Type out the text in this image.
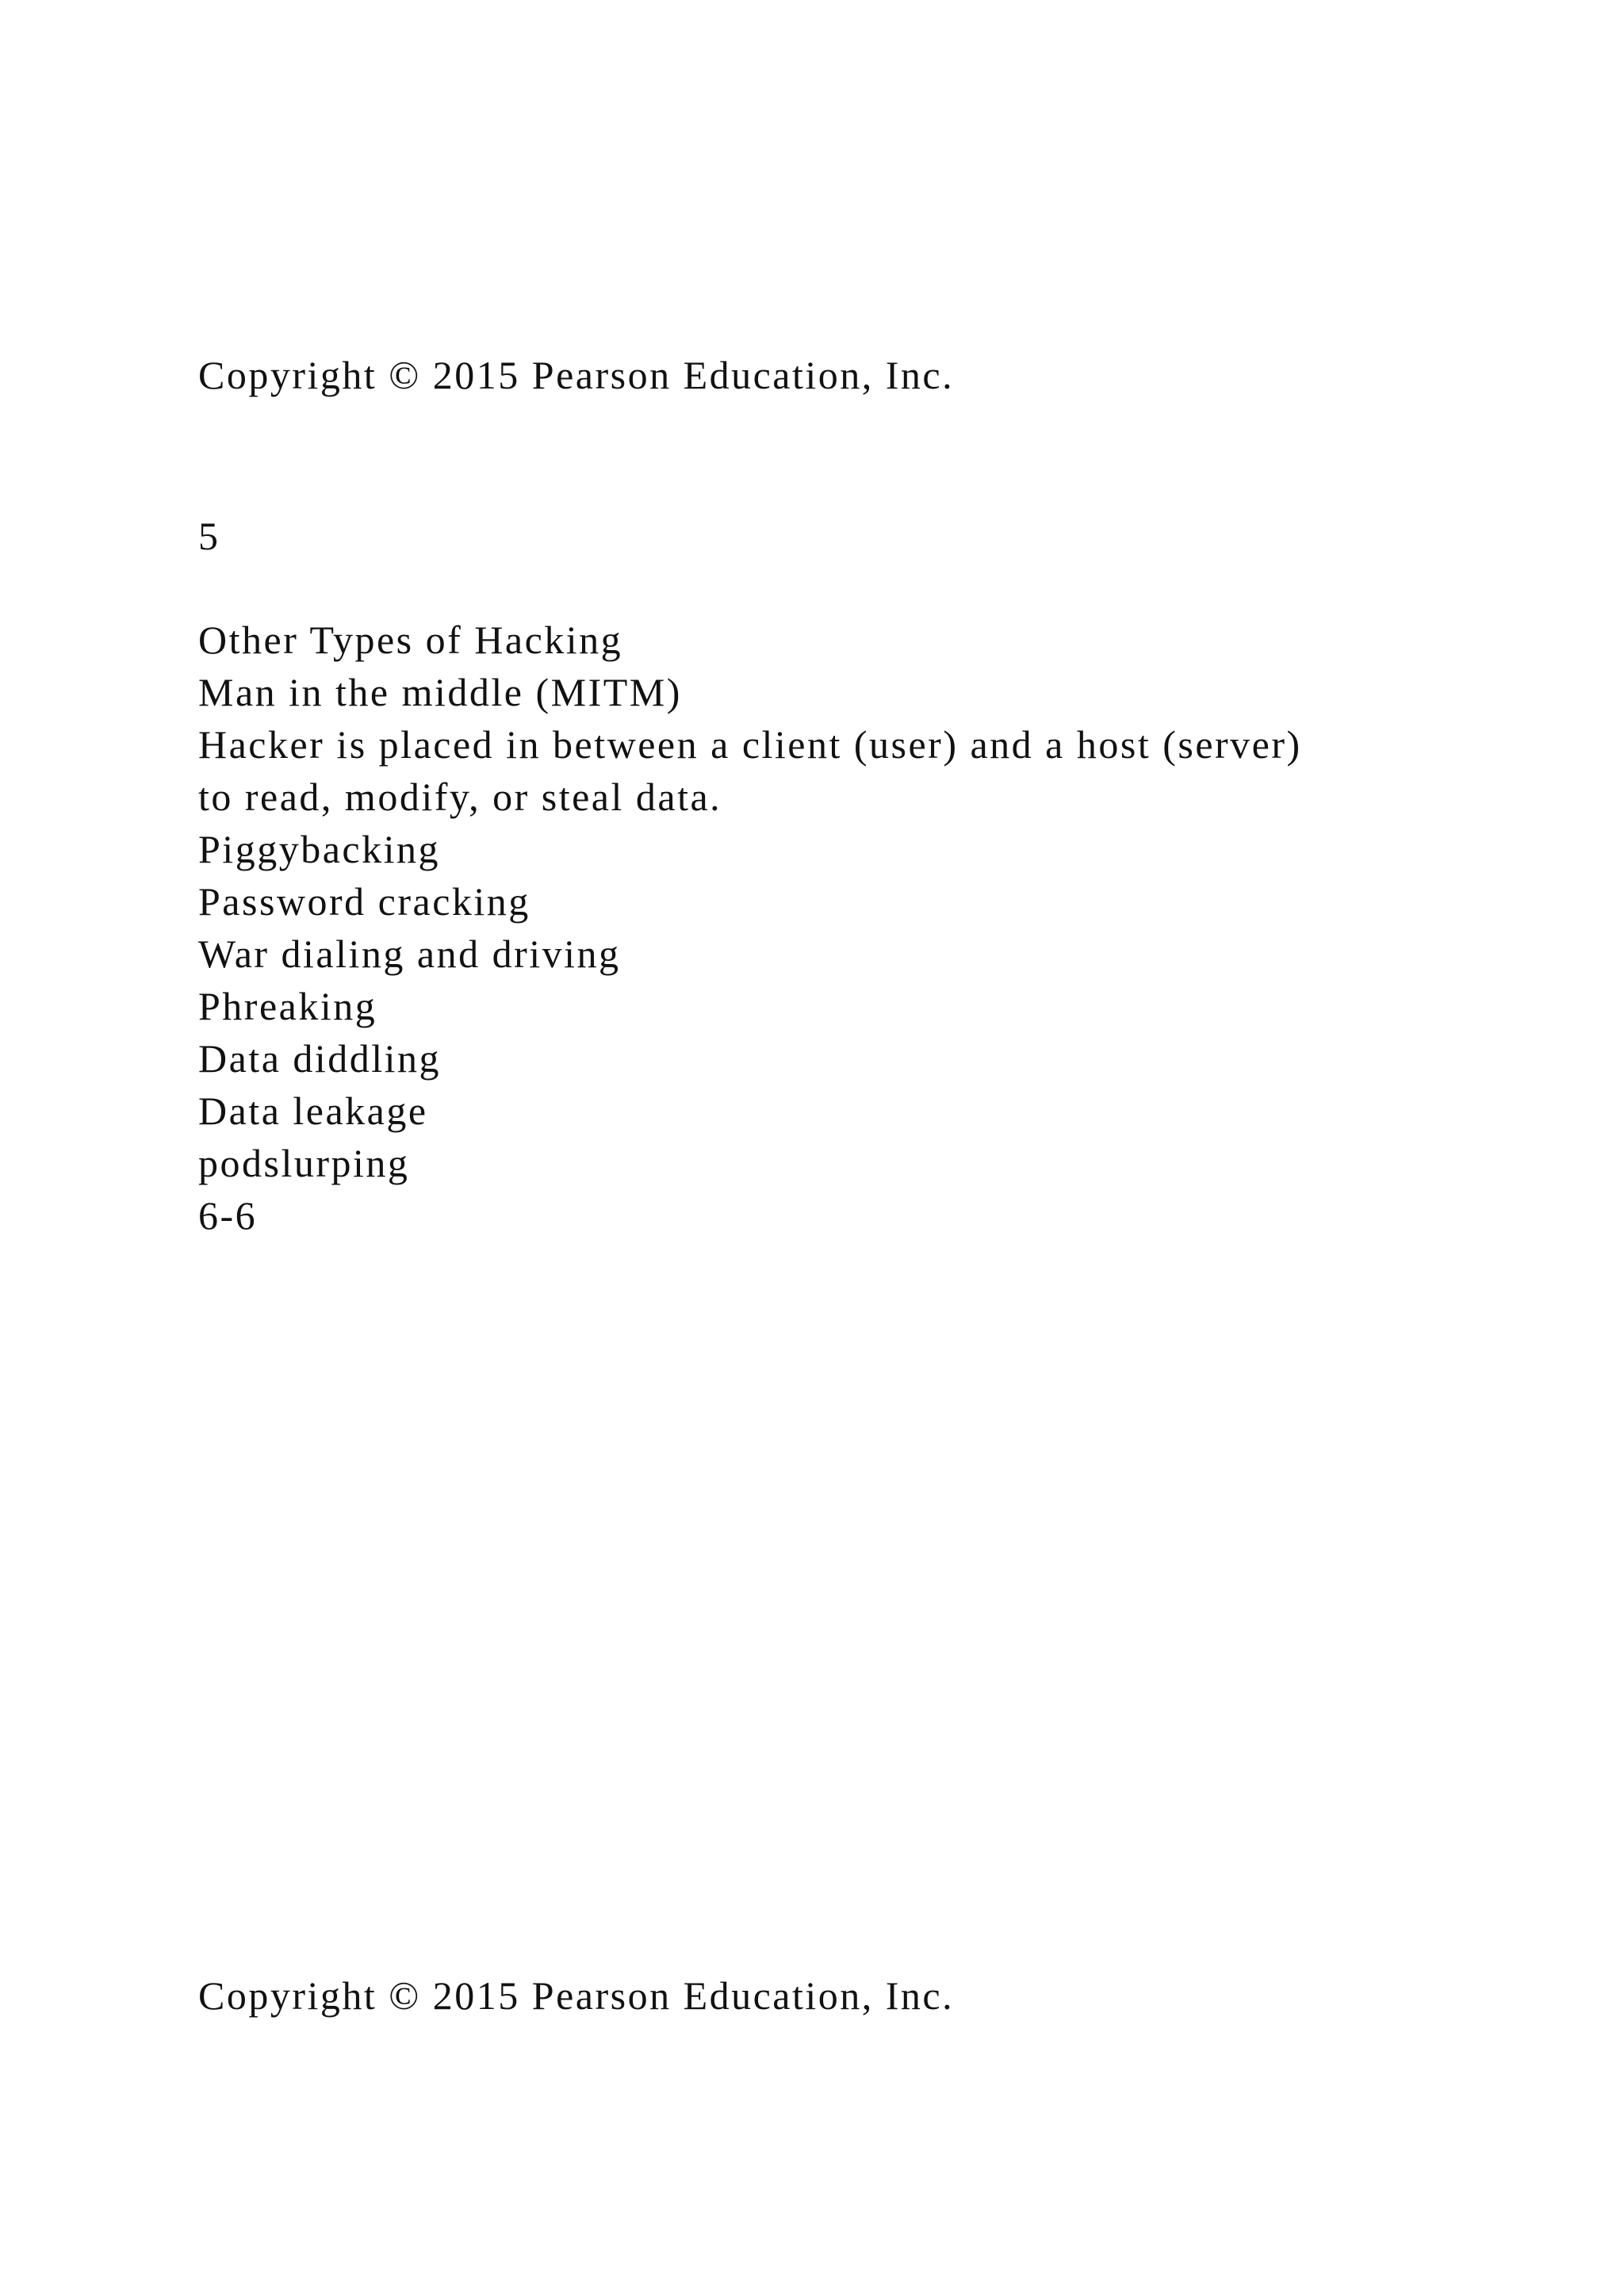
Copyright © 2015 Pearson Education, Inc.

5

Other Types of Hacking
Man in the middle (MITM)
Hacker is placed in between a client (user) and a host (server)
to read, modify, or steal data.
Piggybacking
Password cracking
War dialing and driving
Phreaking
Data diddling
Data leakage
podslurping
6-6

Copyright © 2015 Pearson Education, Inc.
